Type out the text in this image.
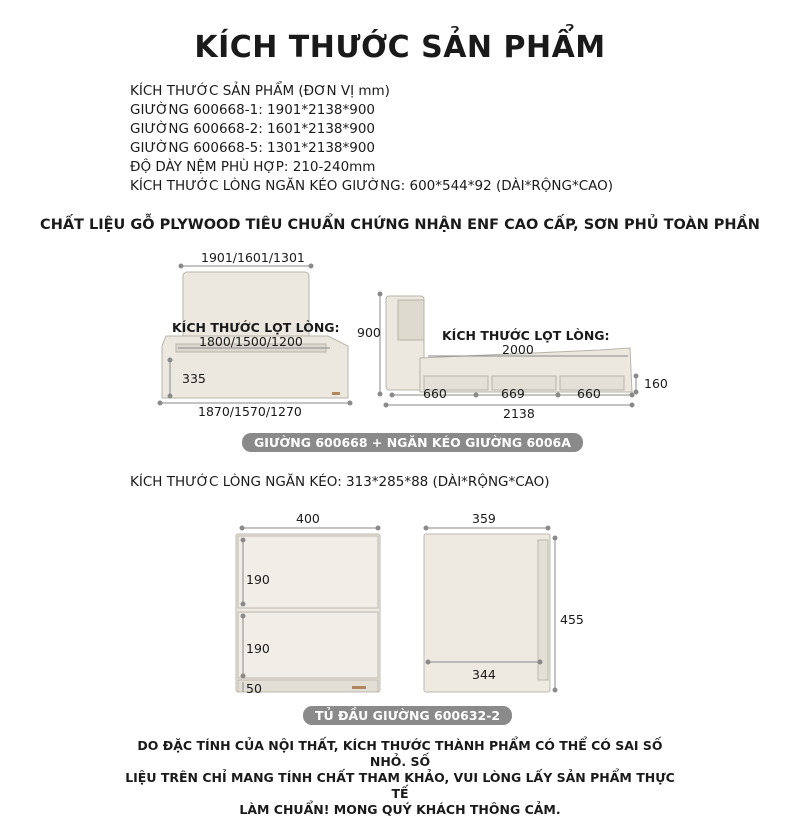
KÍCH THƯỚC SẢN PHẨM
KÍCH THƯỚC SẢN PHẨM (ĐƠN VỊ mm)
GIƯỜNG 600668-1: 1901*2138*900
GIƯỜNG 600668-2: 1601*2138*900
GIƯỜNG 600668-5: 1301*2138*900
ĐỘ DÀY NỆM PHÙ HỢP: 210-240mm
KÍCH THƯỚC LÒNG NGĂN KÉO GIƯỜNG: 600*544*92 (DÀI*RỘNG*CAO)
CHẤT LIỆU GỖ PLYWOOD TIÊU CHUẨN CHỨNG NHẬN ENF CAO CẤP, SƠN PHỦ TOÀN PHẦN
1901/1601/1301
KÍCH THƯỚC LỌT LÒNG:
1800/1500/1200
335
1870/1570/1270
900	KÍCH THƯỚC LỌT LÒNG:
2000
660	669	660
160
2138
GIƯỜNG 600668 + NGĂN KÉO GIƯỜNG 6006A
KÍCH THƯỚC LÒNG NGĂN KÉO: 313*285*88 (DÀI*RỘNG*CAO)
400
190
190
50
359
455
344
TỦ ĐẦU GIƯỜNG 600632-2
DO ĐẶC TÍNH CỦA NỘI THẤT, KÍCH THƯỚC THÀNH PHẨM CÓ THỂ CÓ SAI SỐ NHỎ. SỐ
LIỆU TRÊN CHỈ MANG TÍNH CHẤT THAM KHẢO, VUI LÒNG LẤY SẢN PHẨM THỰC TẾ
LÀM CHUẨN! MONG QUÝ KHÁCH THÔNG CẢM.
